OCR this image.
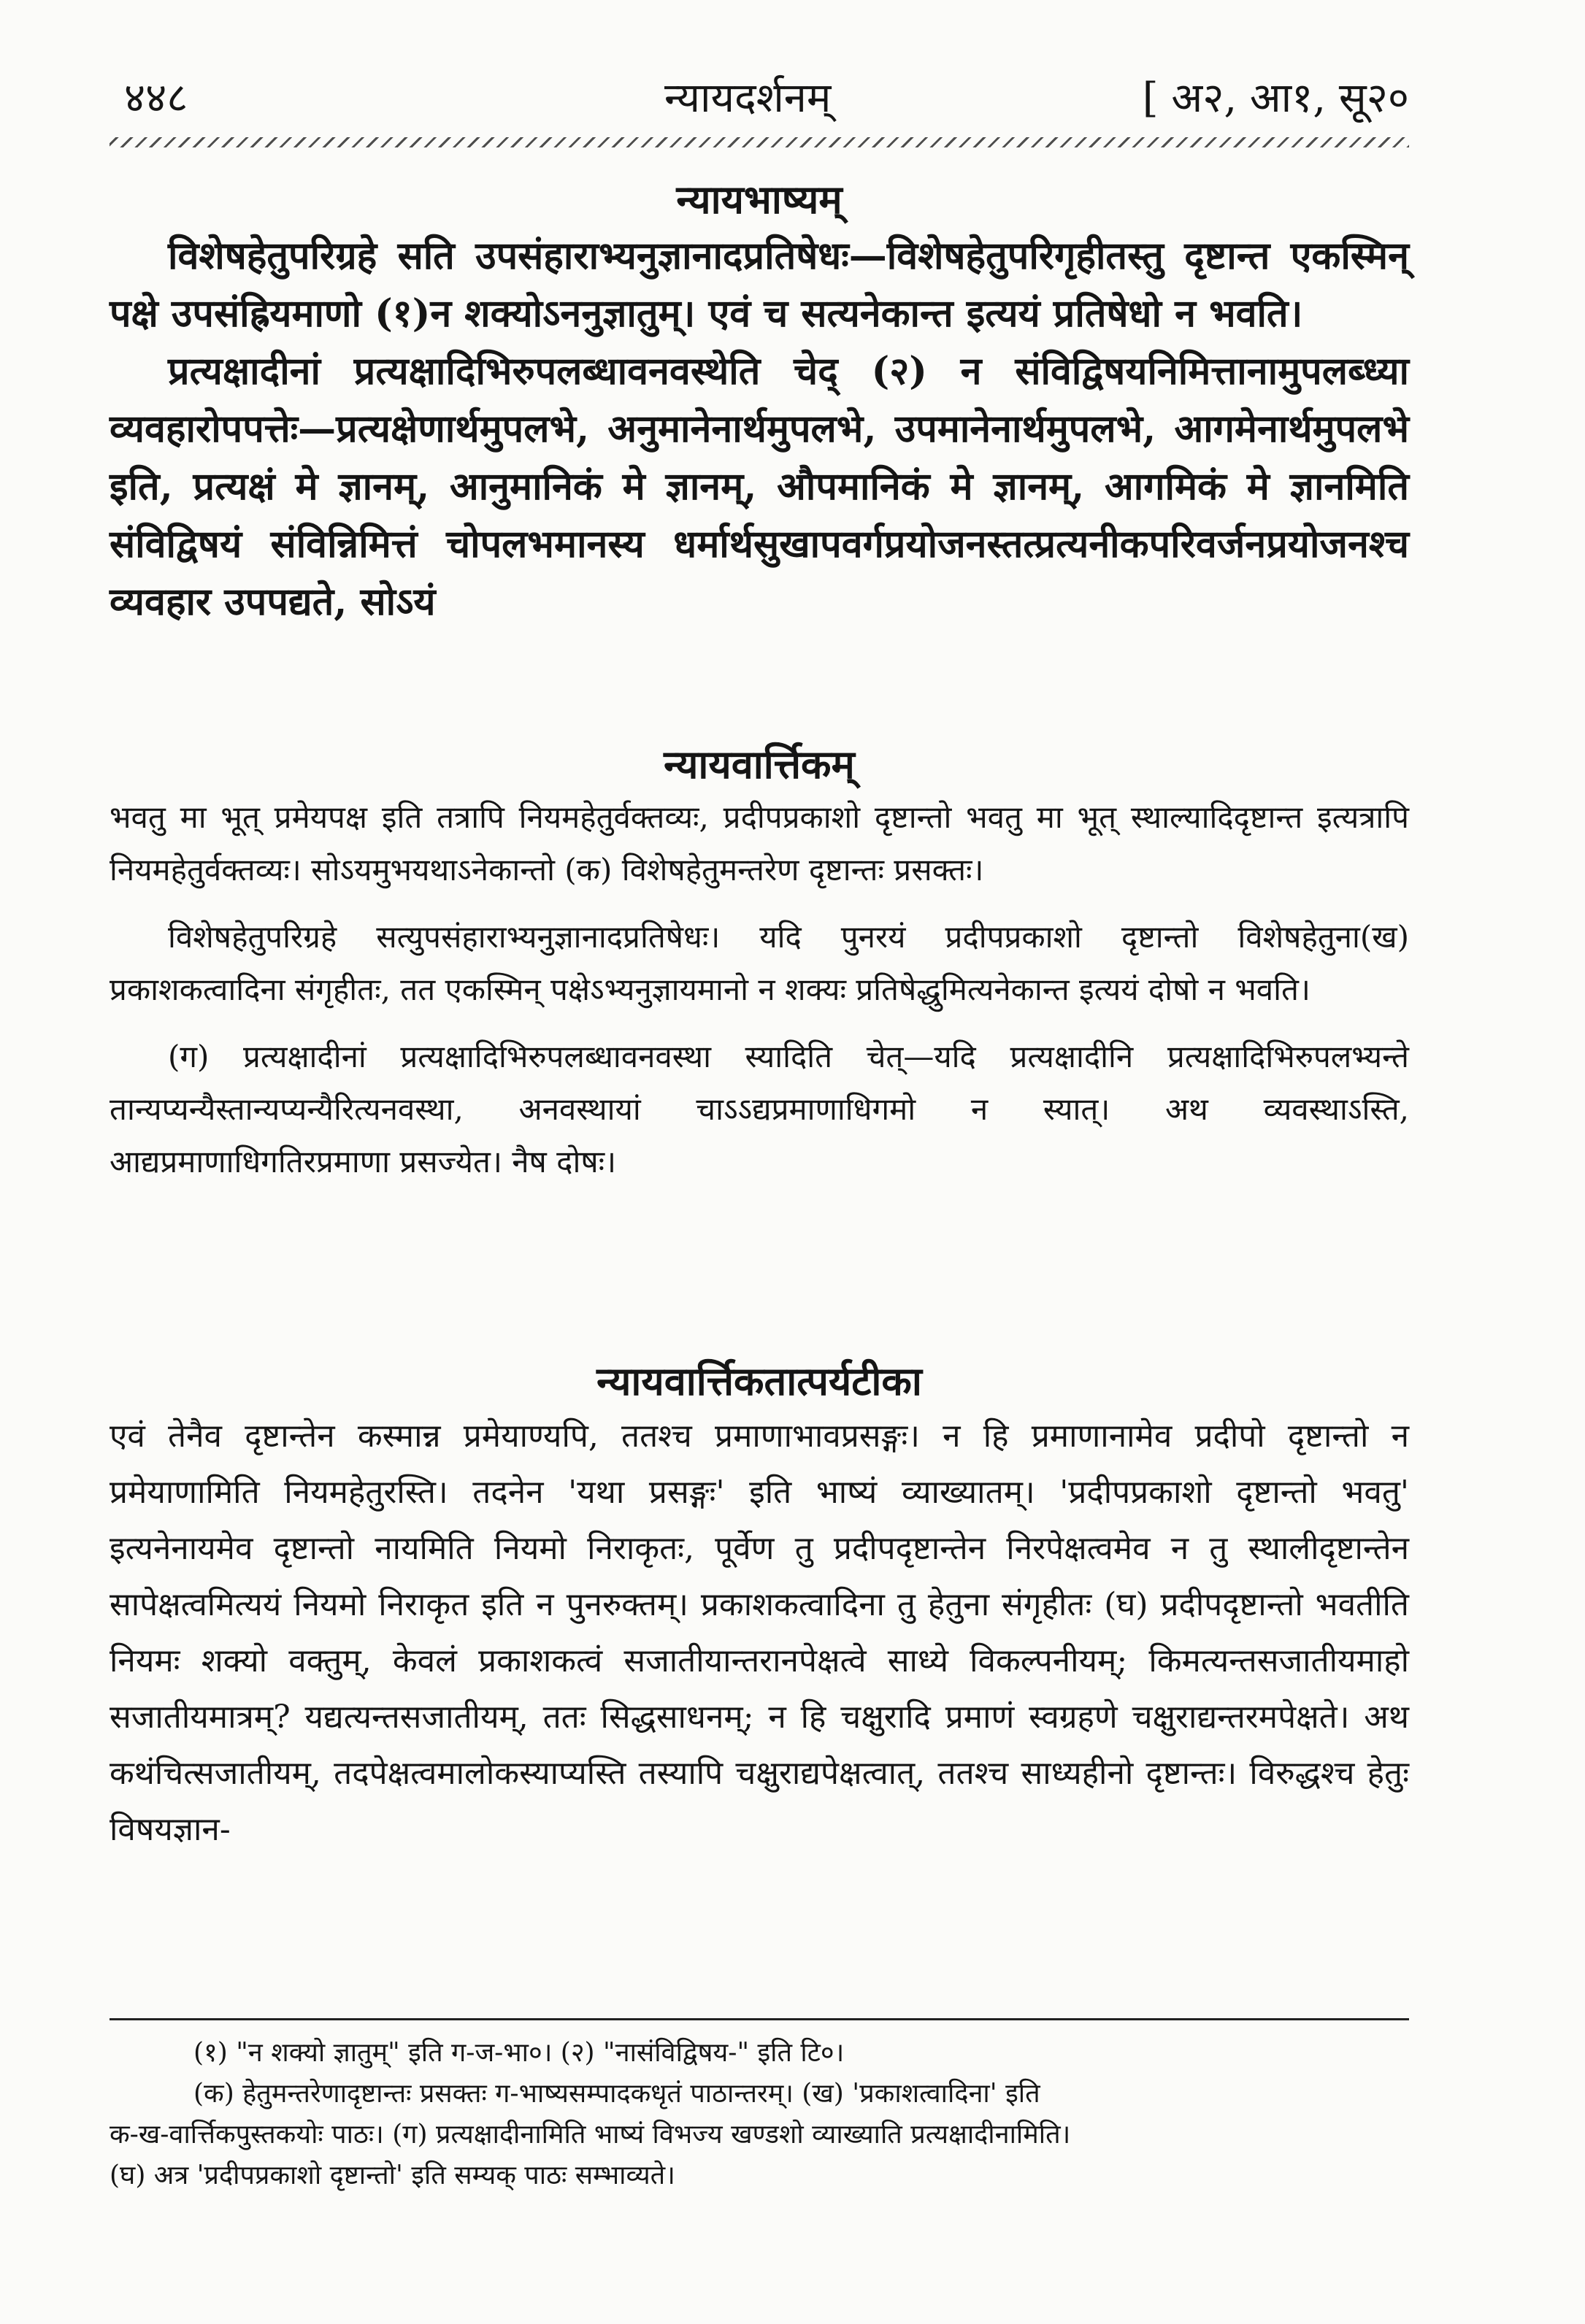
४४८	न्यायदर्शनम्	[ अ२, आ१, सू२०
न्यायभाष्यम्

विशेषहेतुपरिग्रहे सति उपसंहाराभ्यनुज्ञानादप्रतिषेधः—विशेषहेतुपरिगृहीतस्तु दृष्टान्त एकस्मिन् पक्षे उपसंह्रियमाणो (१)न शक्योऽननुज्ञातुम्। एवं च सत्यनेकान्त इत्ययं प्रतिषेधो न भवति।

प्रत्यक्षादीनां प्रत्यक्षादिभिरुपलब्धावनवस्थेति चेद् (२) न संविद्विषयनिमित्तानामुपलब्ध्या व्यवहारोपपत्तेः—प्रत्यक्षेणार्थमुपलभे, अनुमानेनार्थमुपलभे, उपमानेनार्थमुपलभे, आगमेनार्थमुपलभे इति, प्रत्यक्षं मे ज्ञानम्, आनुमानिकं मे ज्ञानम्, औपमानिकं मे ज्ञानम्, आगमिकं मे ज्ञानमिति संविद्विषयं संविन्निमित्तं चोपलभमानस्य धर्मार्थसुखापवर्गप्रयोजनस्तत्प्रत्यनीकपरिवर्जनप्रयोजनश्च व्यवहार उपपद्यते, सोऽयं

न्यायवार्त्तिकम्

भवतु मा भूत् प्रमेयपक्ष इति तत्रापि नियमहेतुर्वक्तव्यः, प्रदीपप्रकाशो दृष्टान्तो भवतु मा भूत् स्थाल्यादिदृष्टान्त इत्यत्रापि नियमहेतुर्वक्तव्यः। सोऽयमुभयथाऽनेकान्तो (क) विशेषहेतुमन्तरेण दृष्टान्तः प्रसक्तः।

विशेषहेतुपरिग्रहे सत्युपसंहाराभ्यनुज्ञानादप्रतिषेधः। यदि पुनरयं प्रदीपप्रकाशो दृष्टान्तो विशेषहेतुना(ख) प्रकाशकत्वादिना संगृहीतः, तत एकस्मिन् पक्षेऽभ्यनुज्ञायमानो न शक्यः प्रतिषेद्धुमित्यनेकान्त इत्ययं दोषो न भवति।

(ग) प्रत्यक्षादीनां प्रत्यक्षादिभिरुपलब्धावनवस्था स्यादिति चेत्—यदि प्रत्यक्षादीनि प्रत्यक्षादिभिरुपलभ्यन्ते तान्यप्यन्यैस्तान्यप्यन्यैरित्यनवस्था, अनवस्थायां चाऽऽद्यप्रमाणाधिगमो न स्यात्। अथ व्यवस्थाऽस्ति, आद्यप्रमाणाधिगतिरप्रमाणा प्रसज्येत। नैष दोषः।

न्यायवार्त्तिकतात्पर्यटीका

एवं तेनैव दृष्टान्तेन कस्मान्न प्रमेयाण्यपि, ततश्च प्रमाणाभावप्रसङ्गः। न हि प्रमाणानामेव प्रदीपो दृष्टान्तो न प्रमेयाणामिति नियमहेतुरस्ति। तदनेन 'यथा प्रसङ्गः' इति भाष्यं व्याख्यातम्। 'प्रदीपप्रकाशो दृष्टान्तो भवतु' इत्यनेनायमेव दृष्टान्तो नायमिति नियमो निराकृतः, पूर्वेण तु प्रदीपदृष्टान्तेन निरपेक्षत्वमेव न तु स्थालीदृष्टान्तेन सापेक्षत्वमित्ययं नियमो निराकृत इति न पुनरुक्तम्। प्रकाशकत्वादिना तु हेतुना संगृहीतः (घ) प्रदीपदृष्टान्तो भवतीति नियमः शक्यो वक्तुम्, केवलं प्रकाशकत्वं सजातीयान्तरानपेक्षत्वे साध्ये विकल्पनीयम्; किमत्यन्तसजातीयमाहो सजातीयमात्रम्? यद्यत्यन्तसजातीयम्, ततः सिद्धसाधनम्; न हि चक्षुरादि प्रमाणं स्वग्रहणे चक्षुराद्यन्तरमपेक्षते। अथ कथंचित्सजातीयम्, तदपेक्षत्वमालोकस्याप्यस्ति तस्यापि चक्षुराद्यपेक्षत्वात्, ततश्च साध्यहीनो दृष्टान्तः। विरुद्धश्च हेतुः विषयज्ञान-

(१) "न शक्यो ज्ञातुम्" इति ग-ज-भा०। (२) "नासंविद्विषय-" इति टि०।

(क) हेतुमन्तरेणादृष्टान्तः प्रसक्तः ग-भाष्यसम्पादकधृतं पाठान्तरम्। (ख) 'प्रकाशत्वादिना' इति

क-ख-वार्त्तिकपुस्तकयोः पाठः। (ग) प्रत्यक्षादीनामिति भाष्यं विभज्य खण्डशो व्याख्याति प्रत्यक्षादीनामिति।

(घ) अत्र 'प्रदीपप्रकाशो दृष्टान्तो' इति सम्यक् पाठः सम्भाव्यते।
